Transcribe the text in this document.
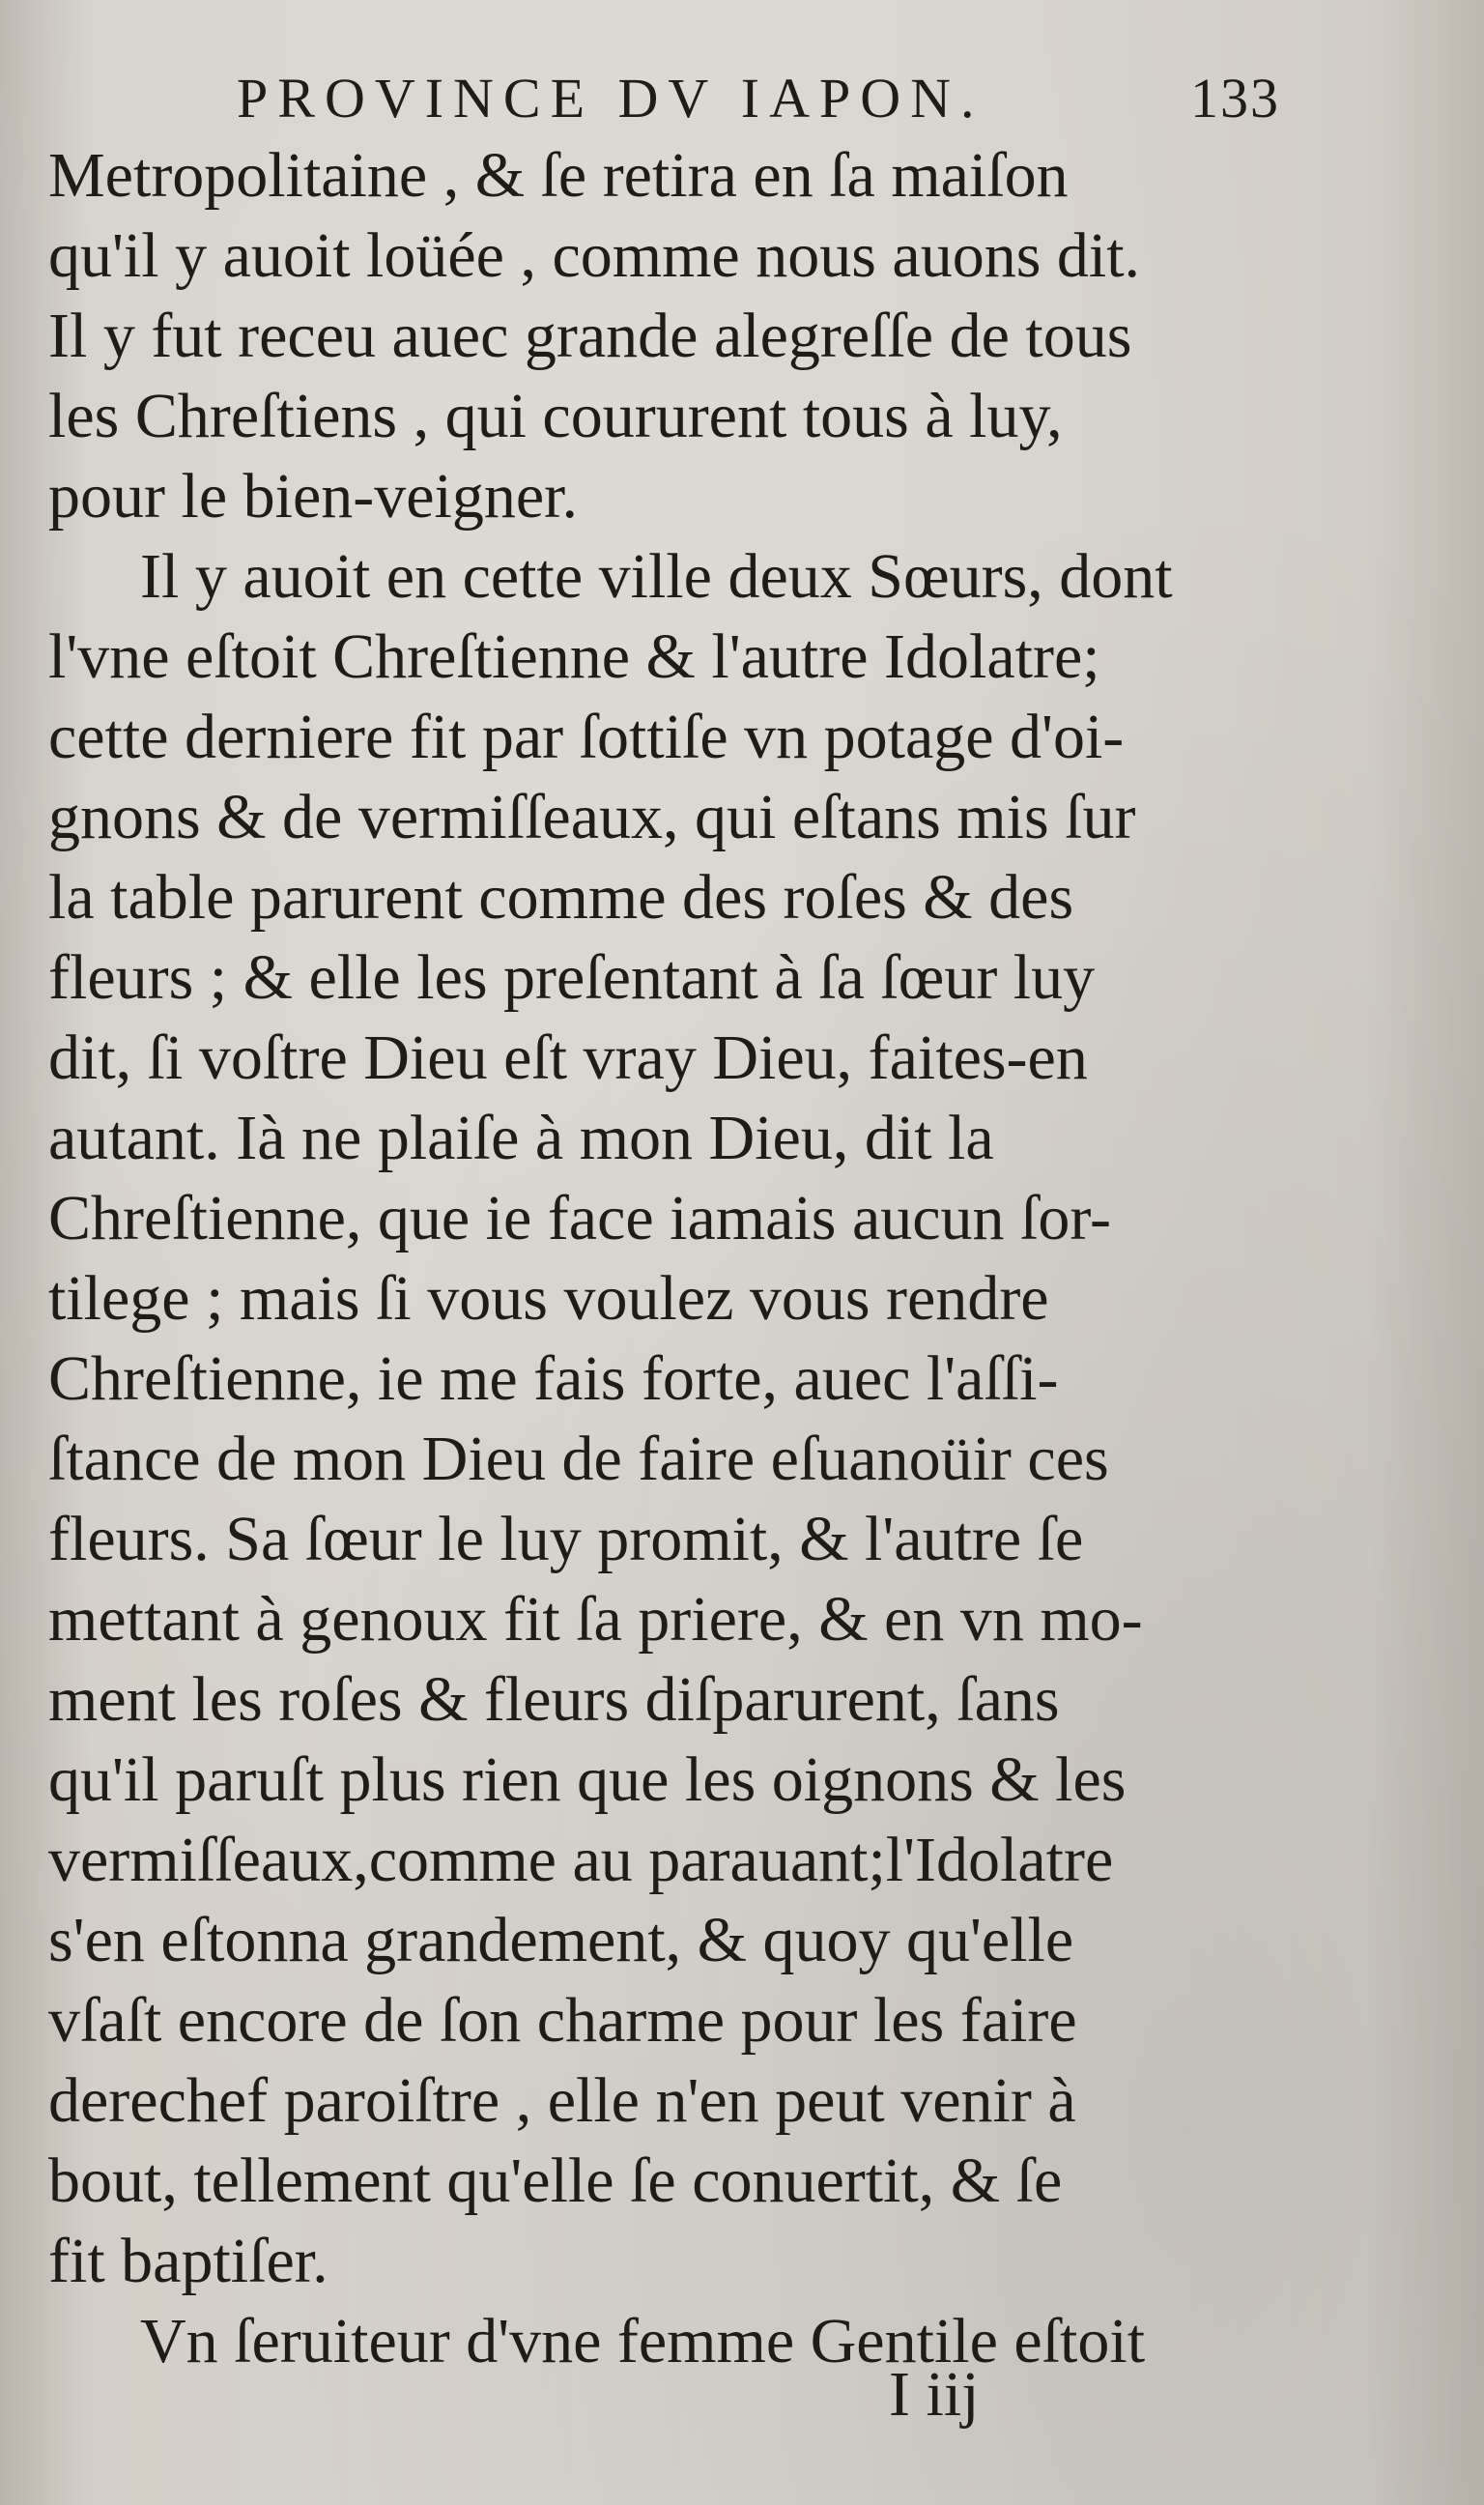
PROVINCE DV IAPON.	133
Metropolitaine , & ſe retira en ſa maiſon
qu'il y auoit loüée , comme nous auons dit.
Il y fut receu auec grande alegreſſe de tous
les Chreſtiens , qui coururent tous à luy,
pour le bien-veigner.
Il y auoit en cette ville deux Sœurs, dont
l'vne eſtoit Chreſtienne & l'autre Idolatre;
cette derniere fit par ſottiſe vn potage d'oi-
gnons & de vermiſſeaux, qui eſtans mis ſur
la table parurent comme des roſes & des
fleurs ; & elle les preſentant à ſa ſœur luy
dit, ſi voſtre Dieu eſt vray Dieu, faites-en
autant. Ià ne plaiſe à mon Dieu, dit la
Chreſtienne, que ie face iamais aucun ſor-
tilege ; mais ſi vous voulez vous rendre
Chreſtienne, ie me fais forte, auec l'aſſi-
ſtance de mon Dieu de faire eſuanoüir ces
fleurs. Sa ſœur le luy promit, & l'autre ſe
mettant à genoux fit ſa priere, & en vn mo-
ment les roſes & fleurs diſparurent, ſans
qu'il paruſt plus rien que les oignons & les
vermiſſeaux,comme au parauant;l'Idolatre
s'en eſtonna grandement, & quoy qu'elle
vſaſt encore de ſon charme pour les faire
derechef paroiſtre , elle n'en peut venir à
bout, tellement qu'elle ſe conuertit, & ſe
fit baptiſer.
Vn ſeruiteur d'vne femme Gentile eſtoit
I iij
